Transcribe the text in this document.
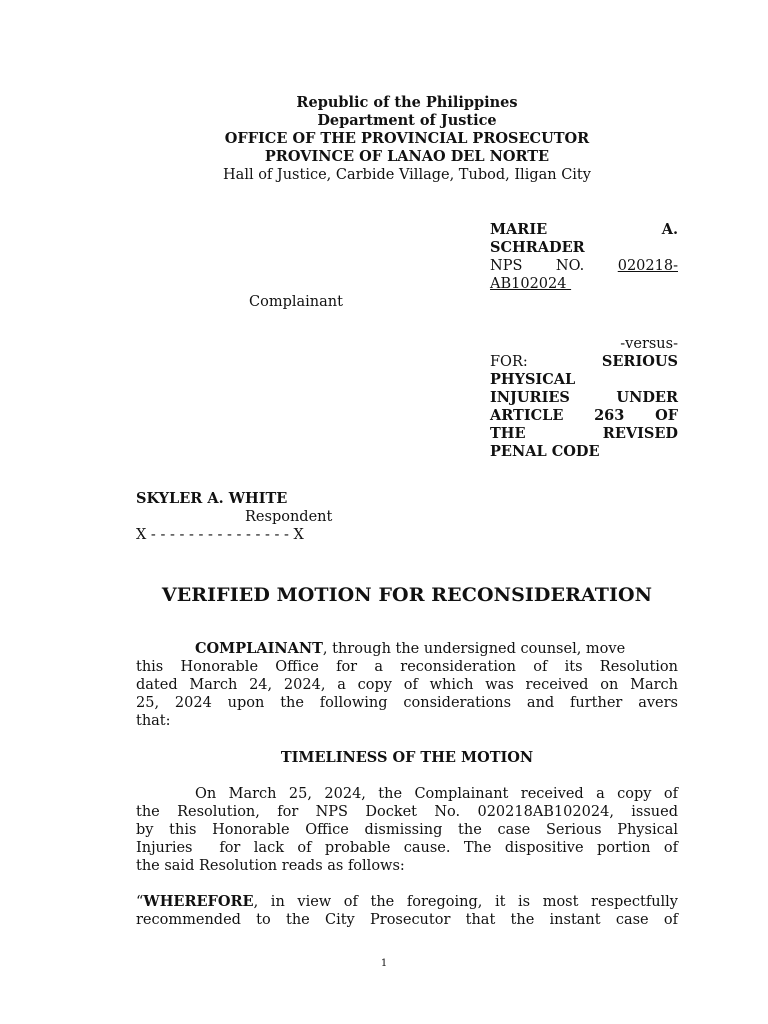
Republic of the Philippines
Department of Justice
OFFICE OF THE PROVINCIAL PROSECUTOR
PROVINCE OF LANAO DEL NORTE
Hall of Justice, Carbide Village, Tubod, Iligan City
MARIE	A.
SCHRADER
NPS NO. 020218-
AB102024
Complainant
-versus-
FOR:	SERIOUS
PHYSICAL
INJURIES	UNDER
ARTICLE 263 OF
THE	REVISED
PENAL CODE
SKYLER A. WHITE
Respondent
X - - - - - - - - - - - - - - - X
VERIFIED MOTION FOR RECONSIDERATION
COMPLAINANT, through the undersigned counsel, move
this Honorable Office for a reconsideration of its Resolution
dated March 24, 2024, a copy of which was received on March
25, 2024 upon the following considerations and further avers
that:
TIMELINESS OF THE MOTION
On March 25, 2024, the Complainant received a copy of
the Resolution, for NPS Docket No. 020218AB102024, issued
by this Honorable Office dismissing the case Serious Physical
Injuries  for lack of probable cause. The dispositive portion of
the said Resolution reads as follows:
“WHEREFORE, in view of the foregoing, it is most respectfully
recommended to the City Prosecutor that the instant case of
1
